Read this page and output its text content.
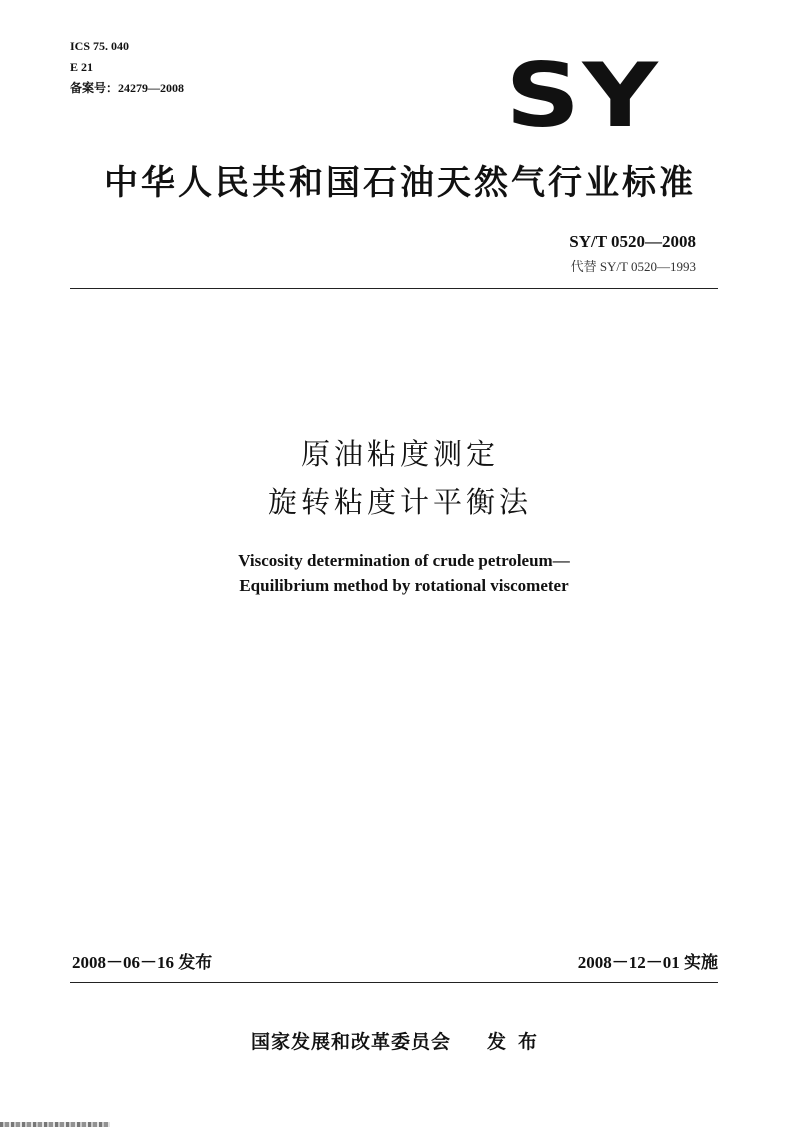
ICS 75. 040
E 21
备案号：24279—2008	SY
中华人民共和国石油天然气行业标准
SY/T 0520—2008
代替 SY/T 0520—1993
原油粘度测定
旋转粘度计平衡法
Viscosity determination of crude petroleum—
Equilibrium method by rotational viscometer
2008－06－16 发布	2008－12－01 实施
国家发展和改革委员会 发布
